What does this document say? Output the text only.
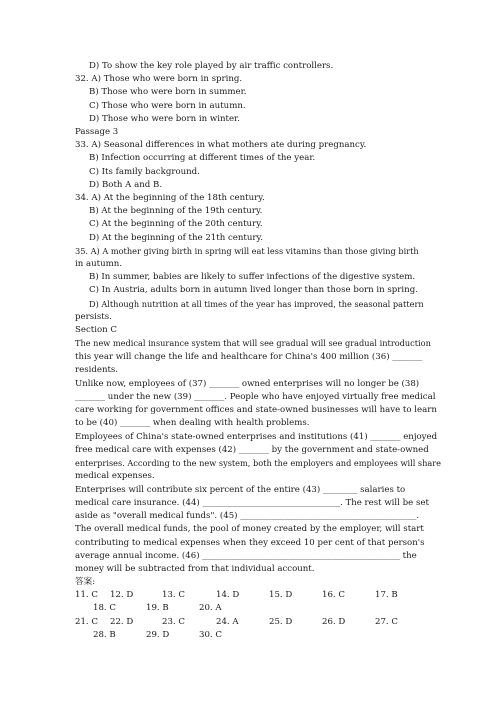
D) To show the key role played by air traffic controllers.
32. A) Those who were born in spring.
B) Those who were born in summer.
C) Those who were born in autumn.
D) Those who were born in winter.
Passage 3
33. A) Seasonal differences in what mothers ate during pregnancy.
B) Infection occurring at different times of the year.
C) Its family background.
D) Both A and B.
34. A) At the beginning of the 18th century.
B) At the beginning of the 19th century.
C) At the beginning of the 20th century.
D) At the beginning of the 21th century.
35. A) A mother giving birth in spring will eat less vitamins than those giving birth
in autumn.
B) In summer, babies are likely to suffer infections of the digestive system.
C) In Austria, adults born in autumn lived longer than those born in spring.
D) Although nutrition at all times of the year has improved, the seasonal pattern
persists.
Section C
The new medical insurance system that will see gradual will see gradual introduction
this year will change the life and healthcare for China's 400 million (36) _______
residents.
Unlike now, employees of (37) _______ owned enterprises will no longer be (38)
_______ under the new (39) _______. People who have enjoyed virtually free medical
care working for government offices and state-owned businesses will have to learn
to be (40) _______ when dealing with health problems.
Employees of China's state-owned enterprises and institutions (41) _______ enjoyed
free medical care with expenses (42) _______ by the government and state-owned
enterprises. According to the new system, both the employers and employees will share
medical expenses.
Enterprises will contribute six percent of the entire (43) ________ salaries to
medical care insurance. (44) ________________________________. The rest will be set
aside as "overall medical funds". (45) _________________________________________.
The overall medical funds, the pool of money created by the employer, will start
contributing to medical expenses when they exceed 10 per cent of that person's
average annual income. (46) ______________________________________________ the
money will be subtracted from that individual account.
答案:
11. C 12. D	13. C	14. D	15. D	16. C	17. B
18. C	19. B	20. A
21. C 22. D	23. C	24. A	25. D	26. D	27. C
28. B	29. D	30. C
